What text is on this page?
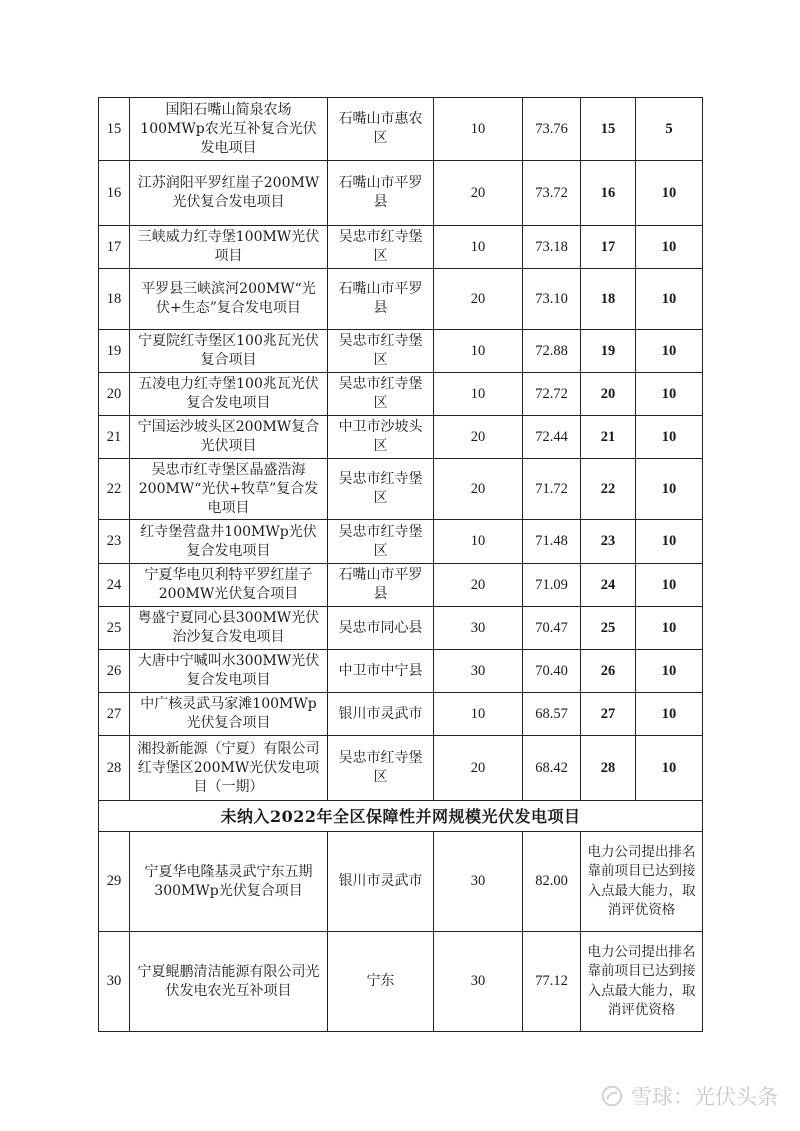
15	国阳石嘴山简泉农场100MWp农光互补复合光伏发电项目	石嘴山市惠农区	10	73.76	15	5
16	江苏润阳平罗红崖子200MW光伏复合发电项目	石嘴山市平罗县	20	73.72	16	10
17	三峡威力红寺堡100MW光伏项目	吴忠市红寺堡区	10	73.18	17	10
18	平罗县三峡滨河200MW“光伏+生态”复合发电项目	石嘴山市平罗县	20	73.10	18	10
19	宁夏院红寺堡区100兆瓦光伏复合项目	吴忠市红寺堡区	10	72.88	19	10
20	五凌电力红寺堡100兆瓦光伏复合发电项目	吴忠市红寺堡区	10	72.72	20	10
21	宁国运沙坡头区200MW复合光伏项目	中卫市沙坡头区	20	72.44	21	10
22	吴忠市红寺堡区晶盛浩海200MW“光伏+牧草”复合发电项目	吴忠市红寺堡区	20	71.72	22	10
23	红寺堡营盘井100MWp光伏复合发电项目	吴忠市红寺堡区	10	71.48	23	10
24	宁夏华电贝利特平罗红崖子200MW光伏复合项目	石嘴山市平罗县	20	71.09	24	10
25	粤盛宁夏同心县300MW光伏治沙复合发电项目	吴忠市同心县	30	70.47	25	10
26	大唐中宁喊叫水300MW光伏复合发电项目	中卫市中宁县	30	70.40	26	10
27	中广核灵武马家滩100MWp光伏复合项目	银川市灵武市	10	68.57	27	10
28	湘投新能源（宁夏）有限公司红寺堡区200MW光伏发电项目（一期）	吴忠市红寺堡区	20	68.42	28	10
未纳入2022年全区保障性并网规模光伏发电项目						
29	宁夏华电隆基灵武宁东五期300MWp光伏复合项目	银川市灵武市	30	82.00	电力公司提出排名靠前项目已达到接入点最大能力，取消评优资格	
30	宁夏鲲鹏清洁能源有限公司光伏发电农光互补项目	宁东	30	77.12	电力公司提出排名靠前项目已达到接入点最大能力，取消评优资格	
雪球：光伏头条
